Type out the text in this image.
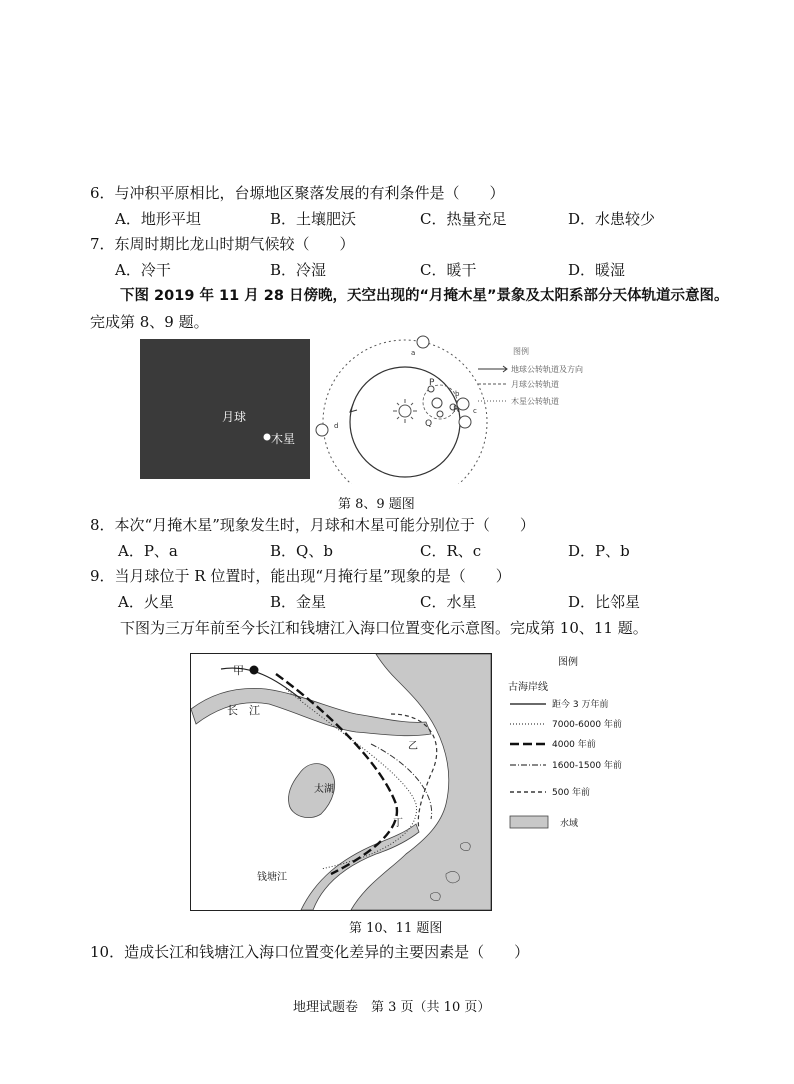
6．与冲积平原相比，台塬地区聚落发展的有利条件是（　　）
A．地形平坦	B．土壤肥沃	C．热量充足	D．水患较少
7．东周时期比龙山时期气候较（　　）
A．冷干	B．冷湿	C．暖干	D．暖湿
下图 2019 年 11 月 28 日傍晚，天空出现的“月掩木星”景象及太阳系部分天体轨道示意图。
完成第 8、9 题。
月球
木星
P
Q
R
a
b
c
d
图例
地球公转轨道及方向
月球公转轨道
木星公转轨道
第 8、9 题图
8．本次“月掩木星”现象发生时，月球和木星可能分别位于（　　）
A．P、a	B．Q、b	C．R、c	D．P、b
9．当月球位于 R 位置时，能出现“月掩行星”现象的是（　　）
A．火星	B．金星	C．水星	D．比邻星
下图为三万年前至今长江和钱塘江入海口位置变化示意图。完成第 10、11 题。
甲
乙
丁
长　江
太湖
钱塘江
图例
古海岸线
距今 3 万年前
7000-6000 年前
4000 年前
1600-1500 年前
500 年前
水域
第 10、11 题图
10．造成长江和钱塘江入海口位置变化差异的主要因素是（　　）
地理试题卷　第 3 页（共 10 页）
